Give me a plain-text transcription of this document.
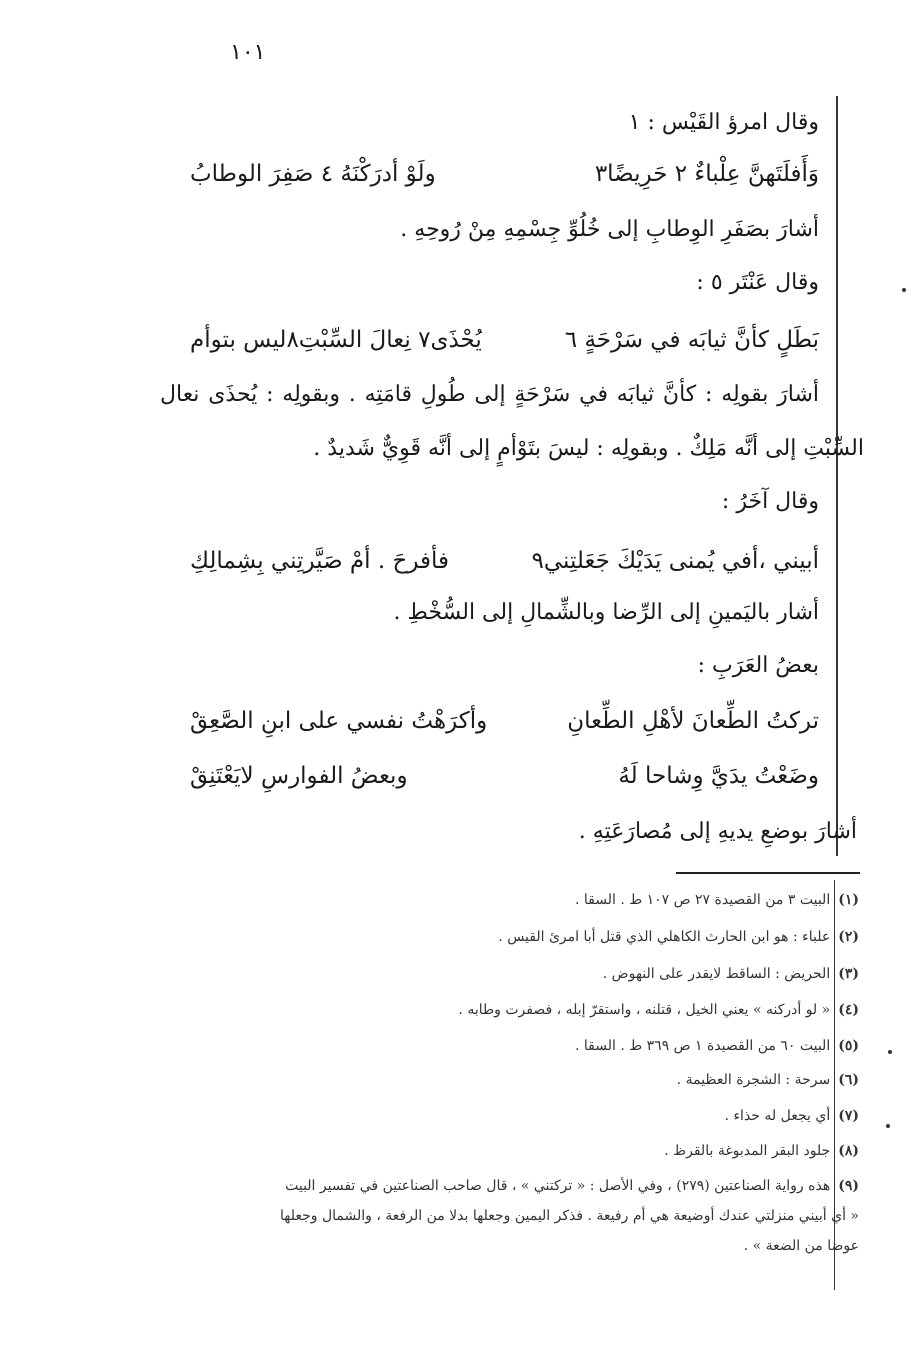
١٠١
وقال امرؤ القَيْس : ١
وَأَفلَتَهنَّ عِلْباءٌ ٢ حَرِيضًا٣
ولَوْ أدرَكْنَهُ ٤ صَفِرَ الوطابُ
أشارَ بصَفَرِ الوِطابِ إلى خُلُوِّ جِسْمِهِ مِنْ رُوحِهِ .
وقال عَنْتَر ٥ :
بَطَلٍ كأنَّ ثيابَه في سَرْحَةٍ ٦
يُحْذَى٧ نِعالَ السِّبْتِ٨ليس بتوأم
أشارَ بقولِه : كأنَّ ثيابَه في سَرْحَةٍ إلى طُولِ قامَتِه . وبقولِه : يُحذَى نعال
السِّبْتِ إلى أنَّه مَلِكٌ . وبقولِه : ليسَ بتَوْأمٍ إلى أنَّه قَوِيٌّ شَديدٌ .
وقال آخَرُ :
أبيني ،أفي يُمنى يَدَيْكَ جَعَلتِني٩
فأفرحَ . أمْ صَيَّرتِني بِشِمالِكِ
أشار باليَمينِ إلى الرِّضا وبالشِّمالِ إلى السُّخْطِ .
بعضُ العَرَبِ :
تركتُ الطِّعانَ لأهْلِ الطِّعانِ
وأكرَهْتُ نفسي على ابنِ الصَّعِقْ
وضَعْتُ يدَيَّ وِشاحا لَهُ
وبعضُ الفوارسِ لايَعْتَنِقْ
أشارَ بوضعِ يديهِ إلى مُصارَعَتِهِ .
(١)البيت ٣ من القصيدة ٢٧ ص ١٠٧ ط . السقا .
(٢)علباء : هو ابن الحارث الكاهلي الذي قتل أبا امرئ القيس .
(٣)الحريض : الساقط لايقدر على النهوض .
(٤)« لو أدركنه » يعني الخيل ، قتلنه ، واستقرّ إبله ، فصفرت وطابه .
(٥)البيت ٦٠ من القصيدة ١ ص ٣٦٩ ط . السقا .
(٦)سرحة : الشجرة العظيمة .
(٧)أي يجعل له حذاء .
(٨)جلود البقر المدبوغة بالقرظ .
(٩)هذه رواية الصناعتين (٢٧٩) ، وفي الأصل : « تركتني » ، قال صاحب الصناعتين في تفسير البيت
« أي أبيني منزلتي عندك أوضيعة هي أم رفيعة . فذكر اليمين وجعلها بدلا من الرفعة ، والشمال وجعلها
عوضا من الضعة » .
